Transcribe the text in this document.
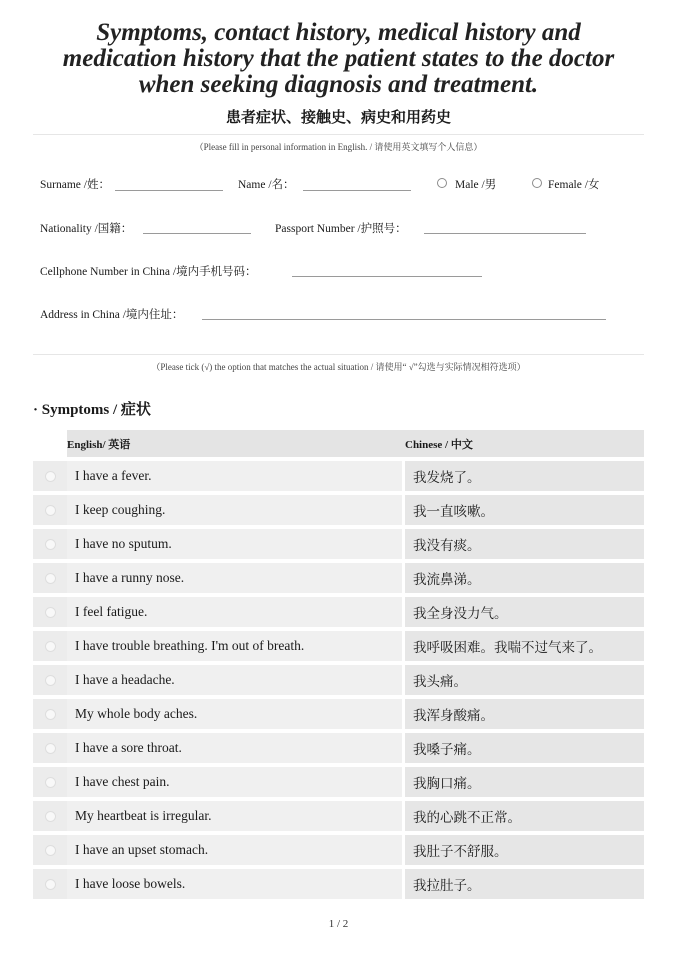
Symptoms, contact history, medical history and medication history that the patient states to the doctor when seeking diagnosis and treatment.
患者症状、接触史、病史和用药史
（Please fill in personal information in English. / 请使用英文填写个人信息）
Surname /姓：	Name /名：	Male /男	Female /女
Nationality /国籍：	Passport Number /护照号：
Cellphone Number in China /境内手机号码：
Address in China /境内住址：
（Please tick (√) the option that matches the actual situation / 请使用“ √”勾选与实际情况相符选项）
· Symptoms / 症状
	English/ 英语	Chinese / 中文
	I have a fever.	我发烧了。
	I keep coughing.	我一直咳嗽。
	I have no sputum.	我没有痰。
	I have a runny nose.	我流鼻涕。
	I feel fatigue.	我全身没力气。
	I have trouble breathing. I'm out of breath.	我呼吸困难。我喘不过气来了。
	I have a headache.	我头痛。
	My whole body aches.	我浑身酸痛。
	I have a sore throat.	我嗓子痛。
	I have chest pain.	我胸口痛。
	My heartbeat is irregular.	我的心跳不正常。
	I have an upset stomach.	我肚子不舒服。
	I have loose bowels.	我拉肚子。
1 / 2
